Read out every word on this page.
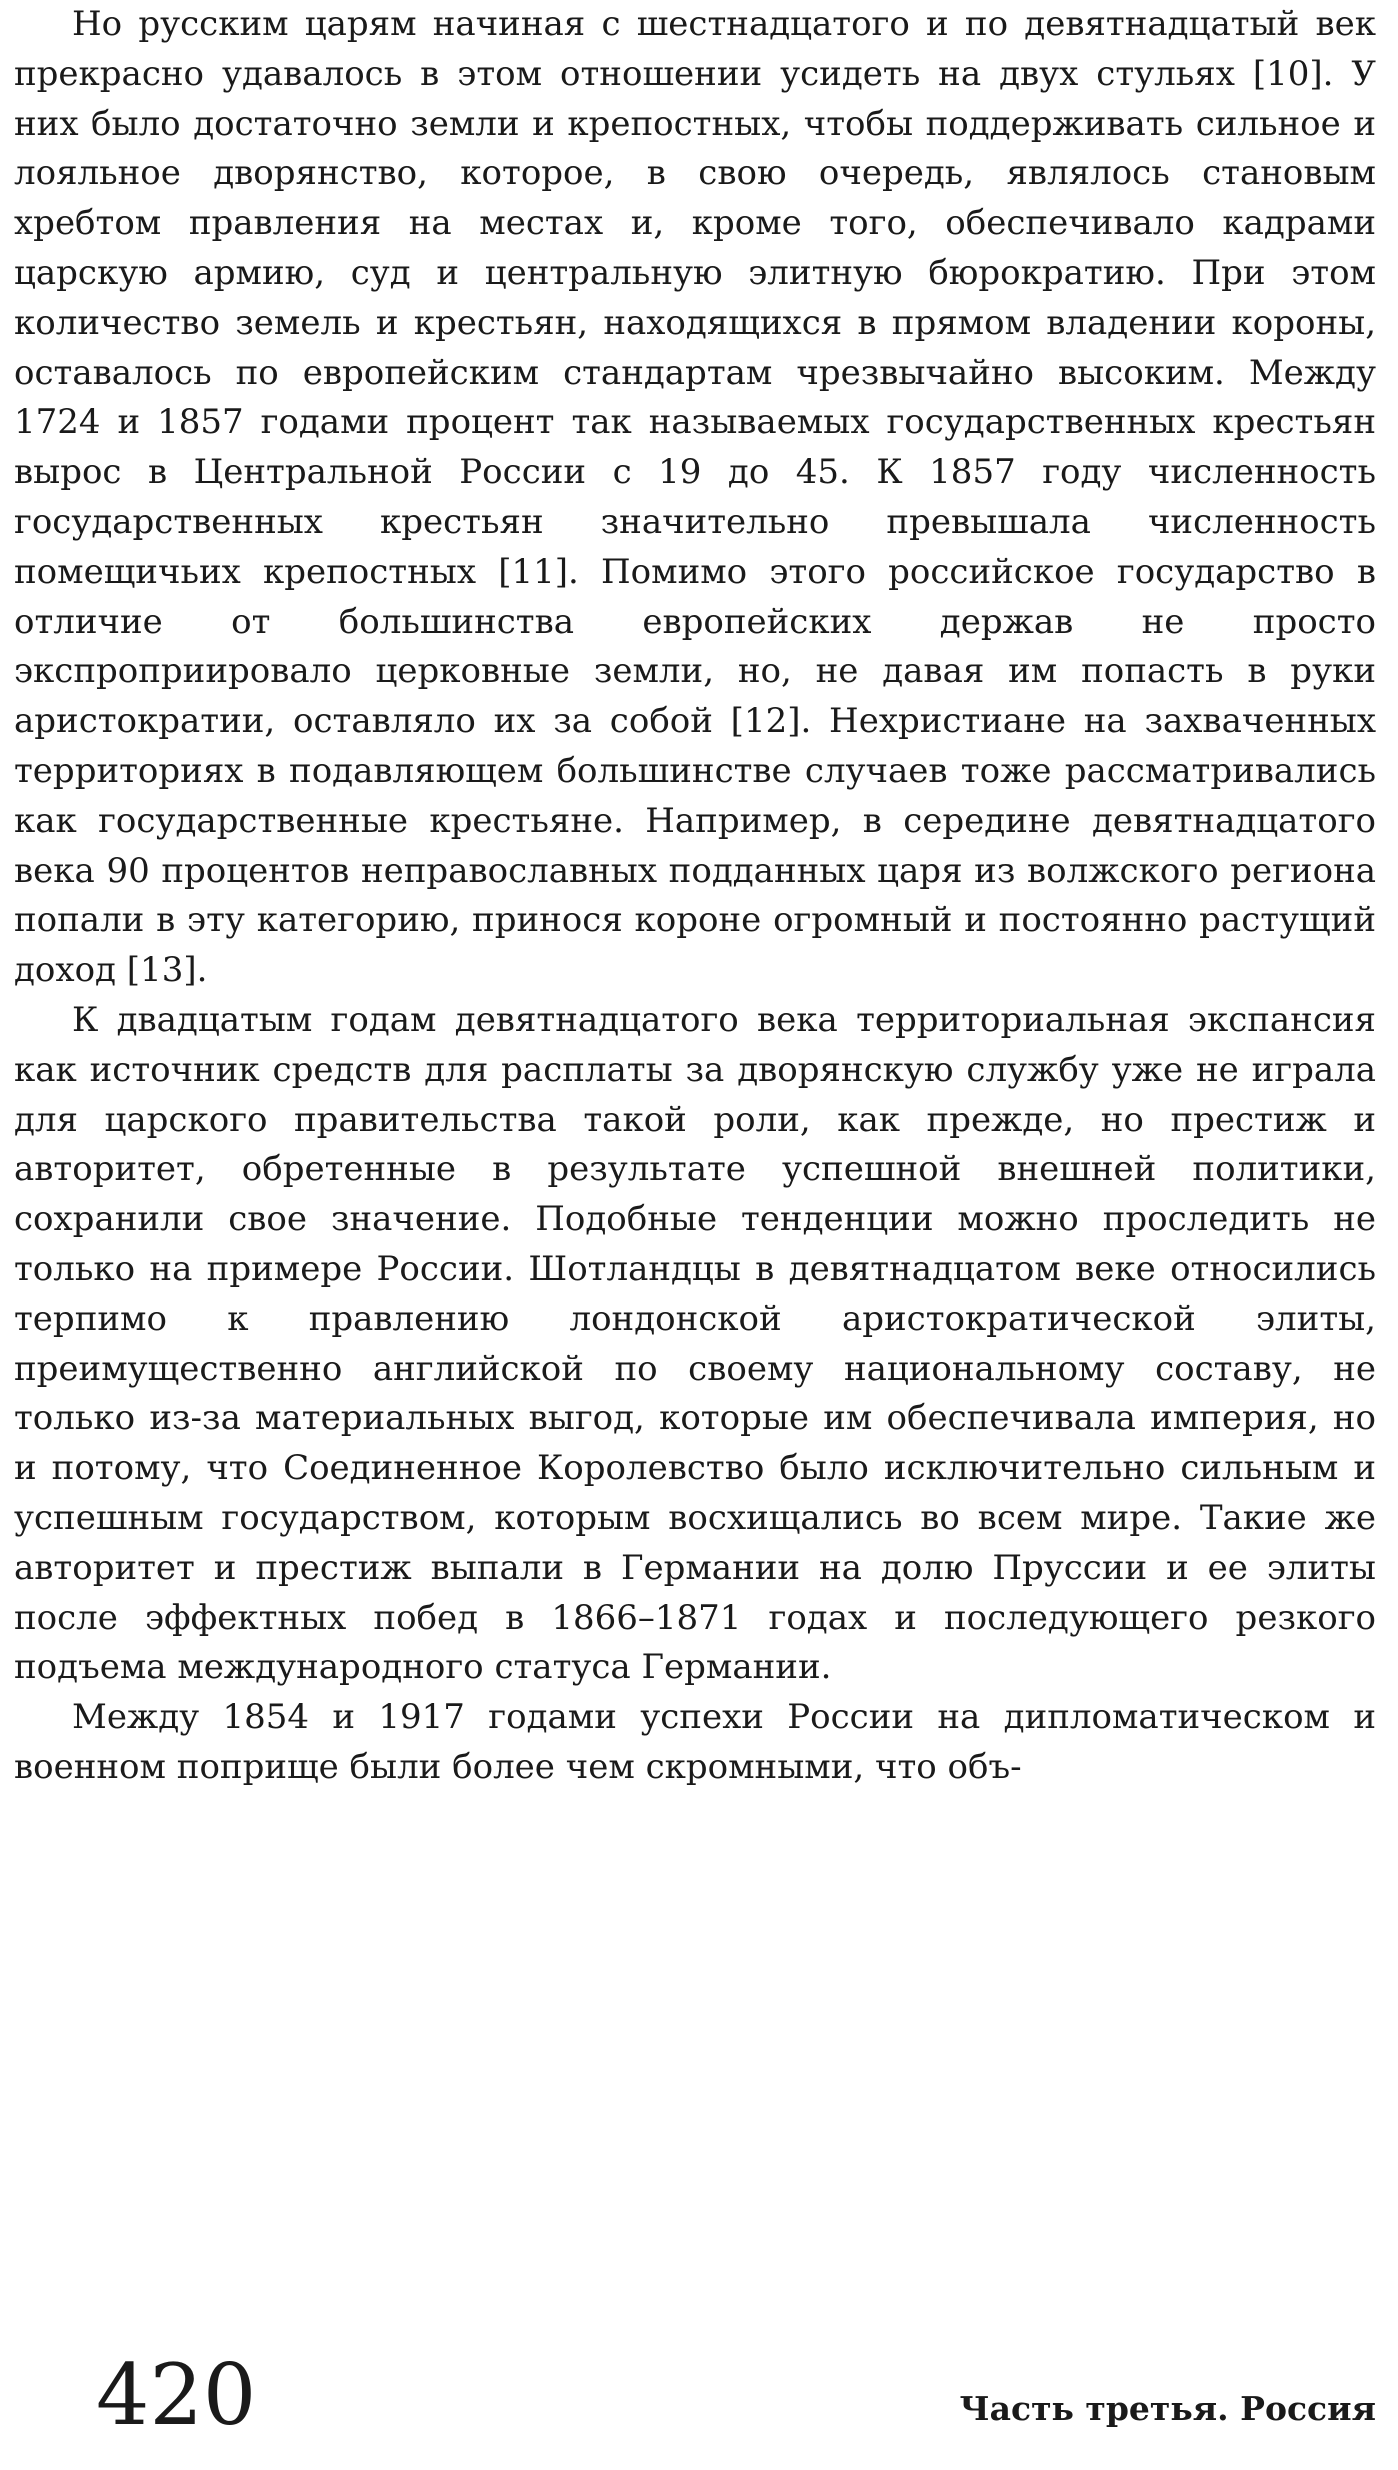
Но русским царям начиная с шестнадцатого и по девятнадцатый век прекрасно удавалось в этом отношении усидеть на двух стульях [10]. У них было достаточно земли и крепостных, чтобы поддерживать сильное и лояльное дворянство, которое, в свою очередь, являлось становым хребтом правления на местах и, кроме того, обеспечивало кадрами царскую армию, суд и центральную элитную бюрократию. При этом количество земель и крестьян, находящихся в прямом владении короны, оставалось по европейским стандартам чрезвычайно высоким. Между 1724 и 1857 годами процент так называемых государственных крестьян вырос в Центральной России с 19 до 45. К 1857 году численность государственных крестьян значительно превышала численность помещичьих крепостных [11]. Помимо этого российское государство в отличие от большинства европейских держав не просто экспроприировало церковные земли, но, не давая им попасть в руки аристократии, оставляло их за собой [12]. Нехристиане на захваченных территориях в подавляющем большинстве случаев тоже рассматривались как государственные крестьяне. Например, в середине девятнадцатого века 90 процентов неправославных подданных царя из волжского региона попали в эту категорию, принося короне огромный и постоянно растущий доход [13].

К двадцатым годам девятнадцатого века территориальная экспансия как источник средств для расплаты за дворянскую службу уже не играла для царского правительства такой роли, как прежде, но престиж и авторитет, обретенные в результате успешной внешней политики, сохранили свое значение. Подобные тенденции можно проследить не только на примере России. Шотландцы в девятнадцатом веке относились терпимо к правлению лондонской аристократической элиты, преимущественно английской по своему национальному составу, не только из-за материальных выгод, которые им обеспечивала империя, но и потому, что Соединенное Королевство было исключительно сильным и успешным государством, которым восхищались во всем мире. Такие же авторитет и престиж выпали в Германии на долю Пруссии и ее элиты после эффектных побед в 1866–1871 годах и последующего резкого подъема международного статуса Германии.

Между 1854 и 1917 годами успехи России на дипломатическом и военном поприще были более чем скромными, что объ-

420	Часть третья. Россия
